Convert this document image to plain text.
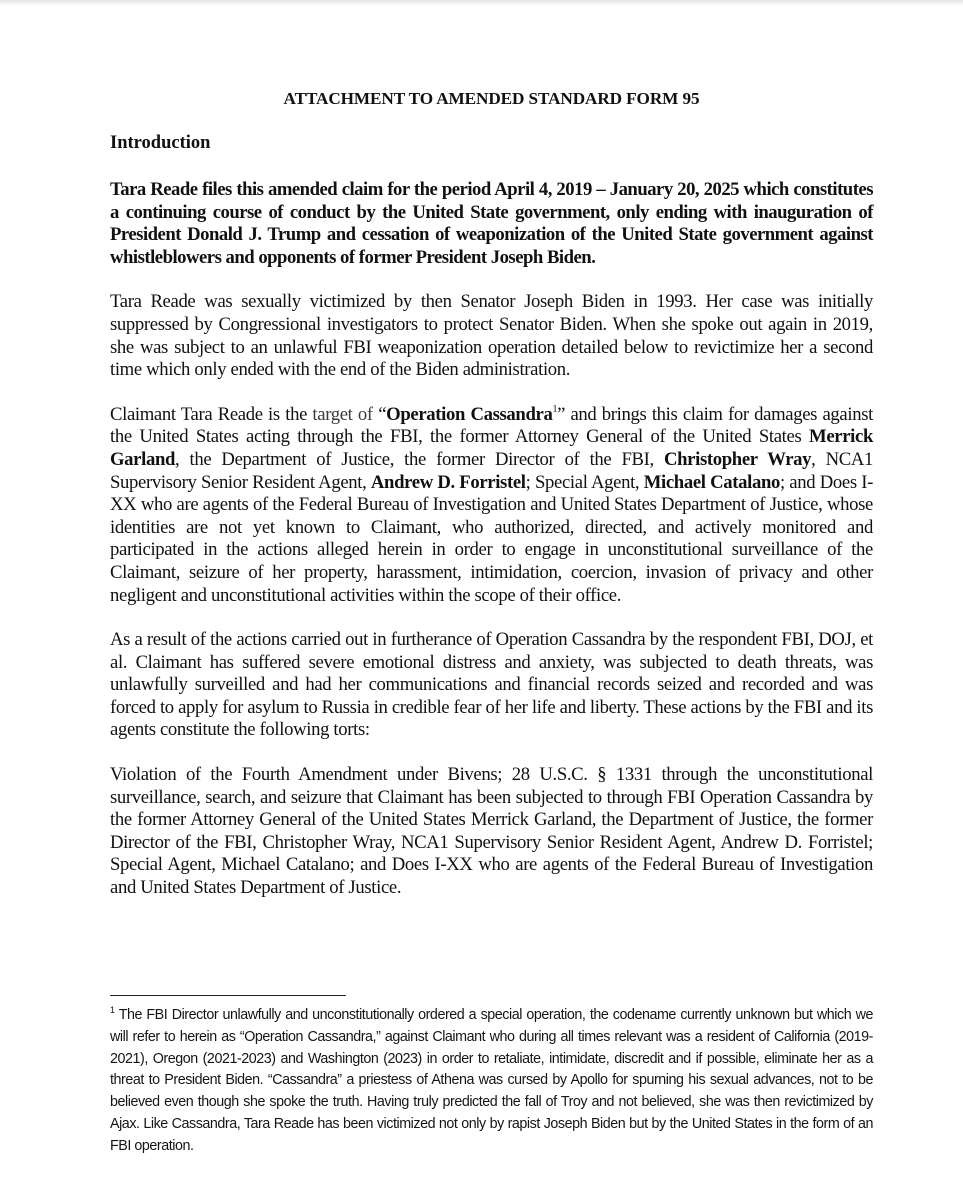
ATTACHMENT TO AMENDED STANDARD FORM 95
Introduction

Tara Reade files this amended claim for the period April 4, 2019 – January 20, 2025 which constitutes a continuing course of conduct by the United State government, only ending with inauguration of President Donald J. Trump and cessation of weaponization of the United State government against whistleblowers and opponents of former President Joseph Biden.

Tara Reade was sexually victimized by then Senator Joseph Biden in 1993. Her case was initially suppressed by Congressional investigators to protect Senator Biden. When she spoke out again in 2019, she was subject to an unlawful FBI weaponization operation detailed below to revictimize her a second time which only ended with the end of the Biden administration.

Claimant Tara Reade is the target of “Operation Cassandra$^1$” and brings this claim for damages against the United States acting through the FBI, the former Attorney General of the United States Merrick Garland, the Department of Justice, the former Director of the FBI, Christopher Wray, NCA1 Supervisory Senior Resident Agent, Andrew D. Forristel; Special Agent, Michael Catalano; and Does I-XX who are agents of the Federal Bureau of Investigation and United States Department of Justice, whose identities are not yet known to Claimant, who authorized, directed, and actively monitored and participated in the actions alleged herein in order to engage in unconstitutional surveillance of the Claimant, seizure of her property, harassment, intimidation, coercion, invasion of privacy and other negligent and unconstitutional activities within the scope of their office.

As a result of the actions carried out in furtherance of Operation Cassandra by the respondent FBI, DOJ, et al. Claimant has suffered severe emotional distress and anxiety, was subjected to death threats, was unlawfully surveilled and had her communications and financial records seized and recorded and was forced to apply for asylum to Russia in credible fear of her life and liberty. These actions by the FBI and its agents constitute the following torts:

Violation of the Fourth Amendment under Bivens; 28 U.S.C. § 1331 through the unconstitutional surveillance, search, and seizure that Claimant has been subjected to through FBI Operation Cassandra by the former Attorney General of the United States Merrick Garland, the Department of Justice, the former Director of the FBI, Christopher Wray, NCA1 Supervisory Senior Resident Agent, Andrew D. Forristel; Special Agent, Michael Catalano; and Does I-XX who are agents of the Federal Bureau of Investigation and United States Department of Justice.

$^1$ The FBI Director unlawfully and unconstitutionally ordered a special operation, the codename currently unknown but which we will refer to herein as “Operation Cassandra,” against Claimant who during all times relevant was a resident of California (2019-2021), Oregon (2021-2023) and Washington (2023) in order to retaliate, intimidate, discredit and if possible, eliminate her as a threat to President Biden. “Cassandra” a priestess of Athena was cursed by Apollo for spurning his sexual advances, not to be believed even though she spoke the truth. Having truly predicted the fall of Troy and not believed, she was then revictimized by Ajax. Like Cassandra, Tara Reade has been victimized not only by rapist Joseph Biden but by the United States in the form of an FBI operation.
